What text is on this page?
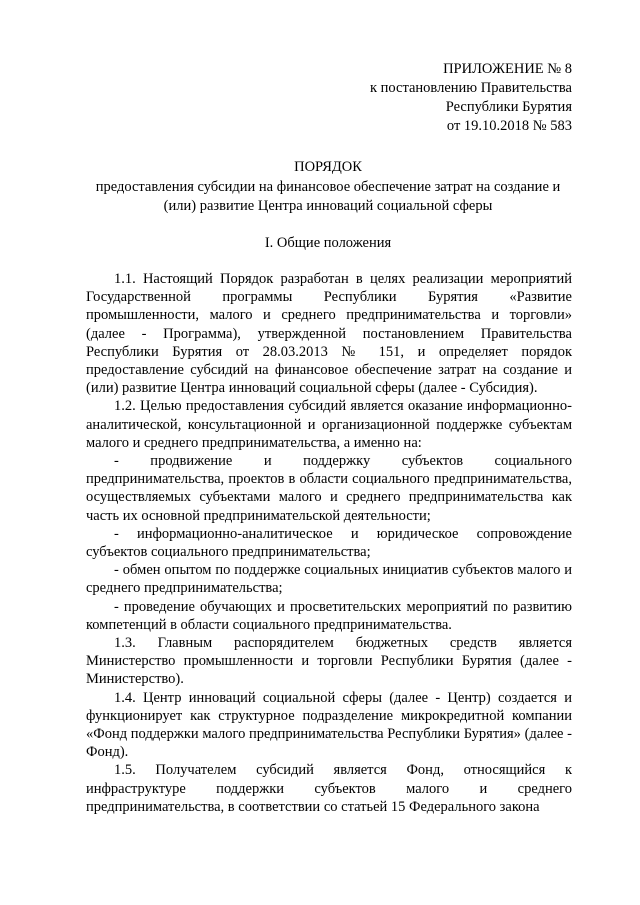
ПРИЛОЖЕНИЕ № 8
к постановлению Правительства
Республики Бурятия
от 19.10.2018 № 583
ПОРЯДОК
предоставления субсидии на финансовое обеспечение затрат на создание и (или) развитие Центра инноваций социальной сферы
I. Общие положения

1.1. Настоящий Порядок разработан в целях реализации мероприятий Государственной программы Республики Бурятия «Развитие промышленности, малого и среднего предпринимательства и торговли» (далее - Программа), утвержденной постановлением Правительства Республики Бурятия от 28.03.2013 № 151, и определяет порядок предоставление субсидий на финансовое обеспечение затрат на создание и (или) развитие Центра инноваций социальной сферы (далее - Субсидия).

1.2. Целью предоставления субсидий является оказание информационно-аналитической, консультационной и организационной поддержке субъектам малого и среднего предпринимательства, а именно на:

- продвижение и поддержку субъектов социального предпринимательства, проектов в области социального предпринимательства, осуществляемых субъектами малого и среднего предпринимательства как часть их основной предпринимательской деятельности;

- информационно-аналитическое и юридическое сопровождение субъектов социального предпринимательства;

- обмен опытом по поддержке социальных инициатив субъектов малого и среднего предпринимательства;

- проведение обучающих и просветительских мероприятий по развитию компетенций в области социального предпринимательства.

1.3. Главным распорядителем бюджетных средств является Министерство промышленности и торговли Республики Бурятия (далее - Министерство).

1.4. Центр инноваций социальной сферы (далее - Центр) создается и функционирует как структурное подразделение микрокредитной компании «Фонд поддержки малого предпринимательства Республики Бурятия» (далее - Фонд).

1.5. Получателем субсидий является Фонд, относящийся к инфраструктуре поддержки субъектов малого и среднего предпринимательства, в соответствии со статьей 15 Федерального закона
